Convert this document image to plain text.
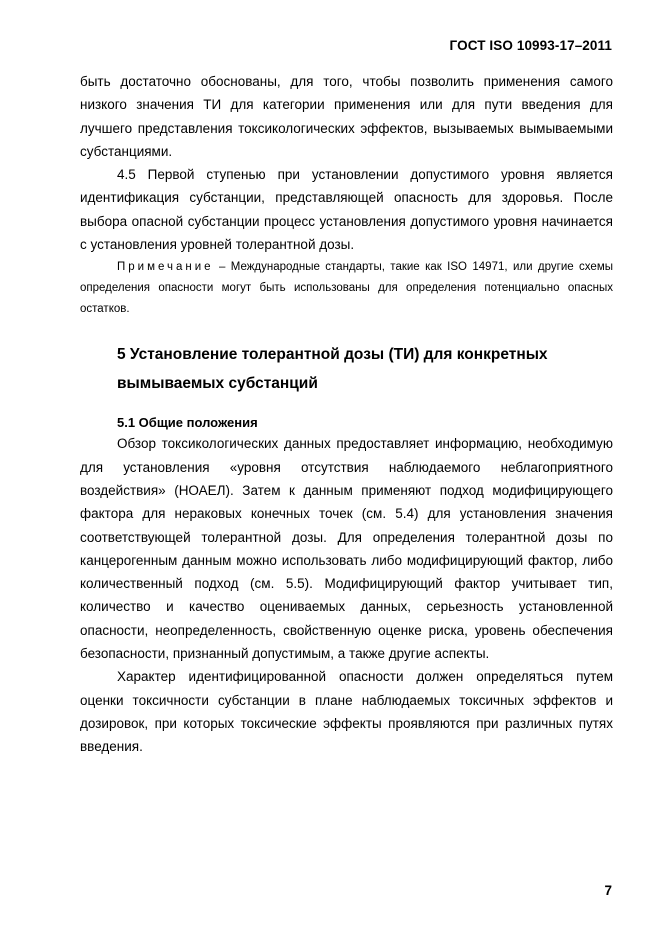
ГОСТ ISO 10993-17–2011

быть достаточно обоснованы, для того, чтобы позволить применения самого низкого значения ТИ для категории применения или для пути введения для лучшего представления токсикологических эффектов, вызываемых вымываемыми субстанциями.

4.5 Первой ступенью при установлении допустимого уровня является идентификация субстанции, представляющей опасность для здоровья. После выбора опасной субстанции процесс установления допустимого уровня начинается с установления уровней толерантной дозы.

Примечание – Международные стандарты, такие как ISO 14971, или другие схемы определения опасности могут быть использованы для определения потенциально опасных остатков.

5 Установление толерантной дозы (ТИ) для конкретных вымываемых субстанций
5.1 Общие положения

Обзор токсикологических данных предоставляет информацию, необходимую для установления «уровня отсутствия наблюдаемого неблагоприятного воздействия» (НОАЕЛ). Затем к данным применяют подход модифицирующего фактора для нераковых конечных точек (см. 5.4) для установления значения соответствующей толерантной дозы. Для определения толерантной дозы по канцерогенным данным можно использовать либо модифицирующий фактор, либо количественный подход (см. 5.5). Модифицирующий фактор учитывает тип, количество и качество оцениваемых данных, серьезность установленной опасности, неопределенность, свойственную оценке риска, уровень обеспечения безопасности, признанный допустимым, а также другие аспекты.

Характер идентифицированной опасности должен определяться путем оценки токсичности субстанции в плане наблюдаемых токсичных эффектов и дозировок, при которых токсические эффекты проявляются при различных путях введения.

7
